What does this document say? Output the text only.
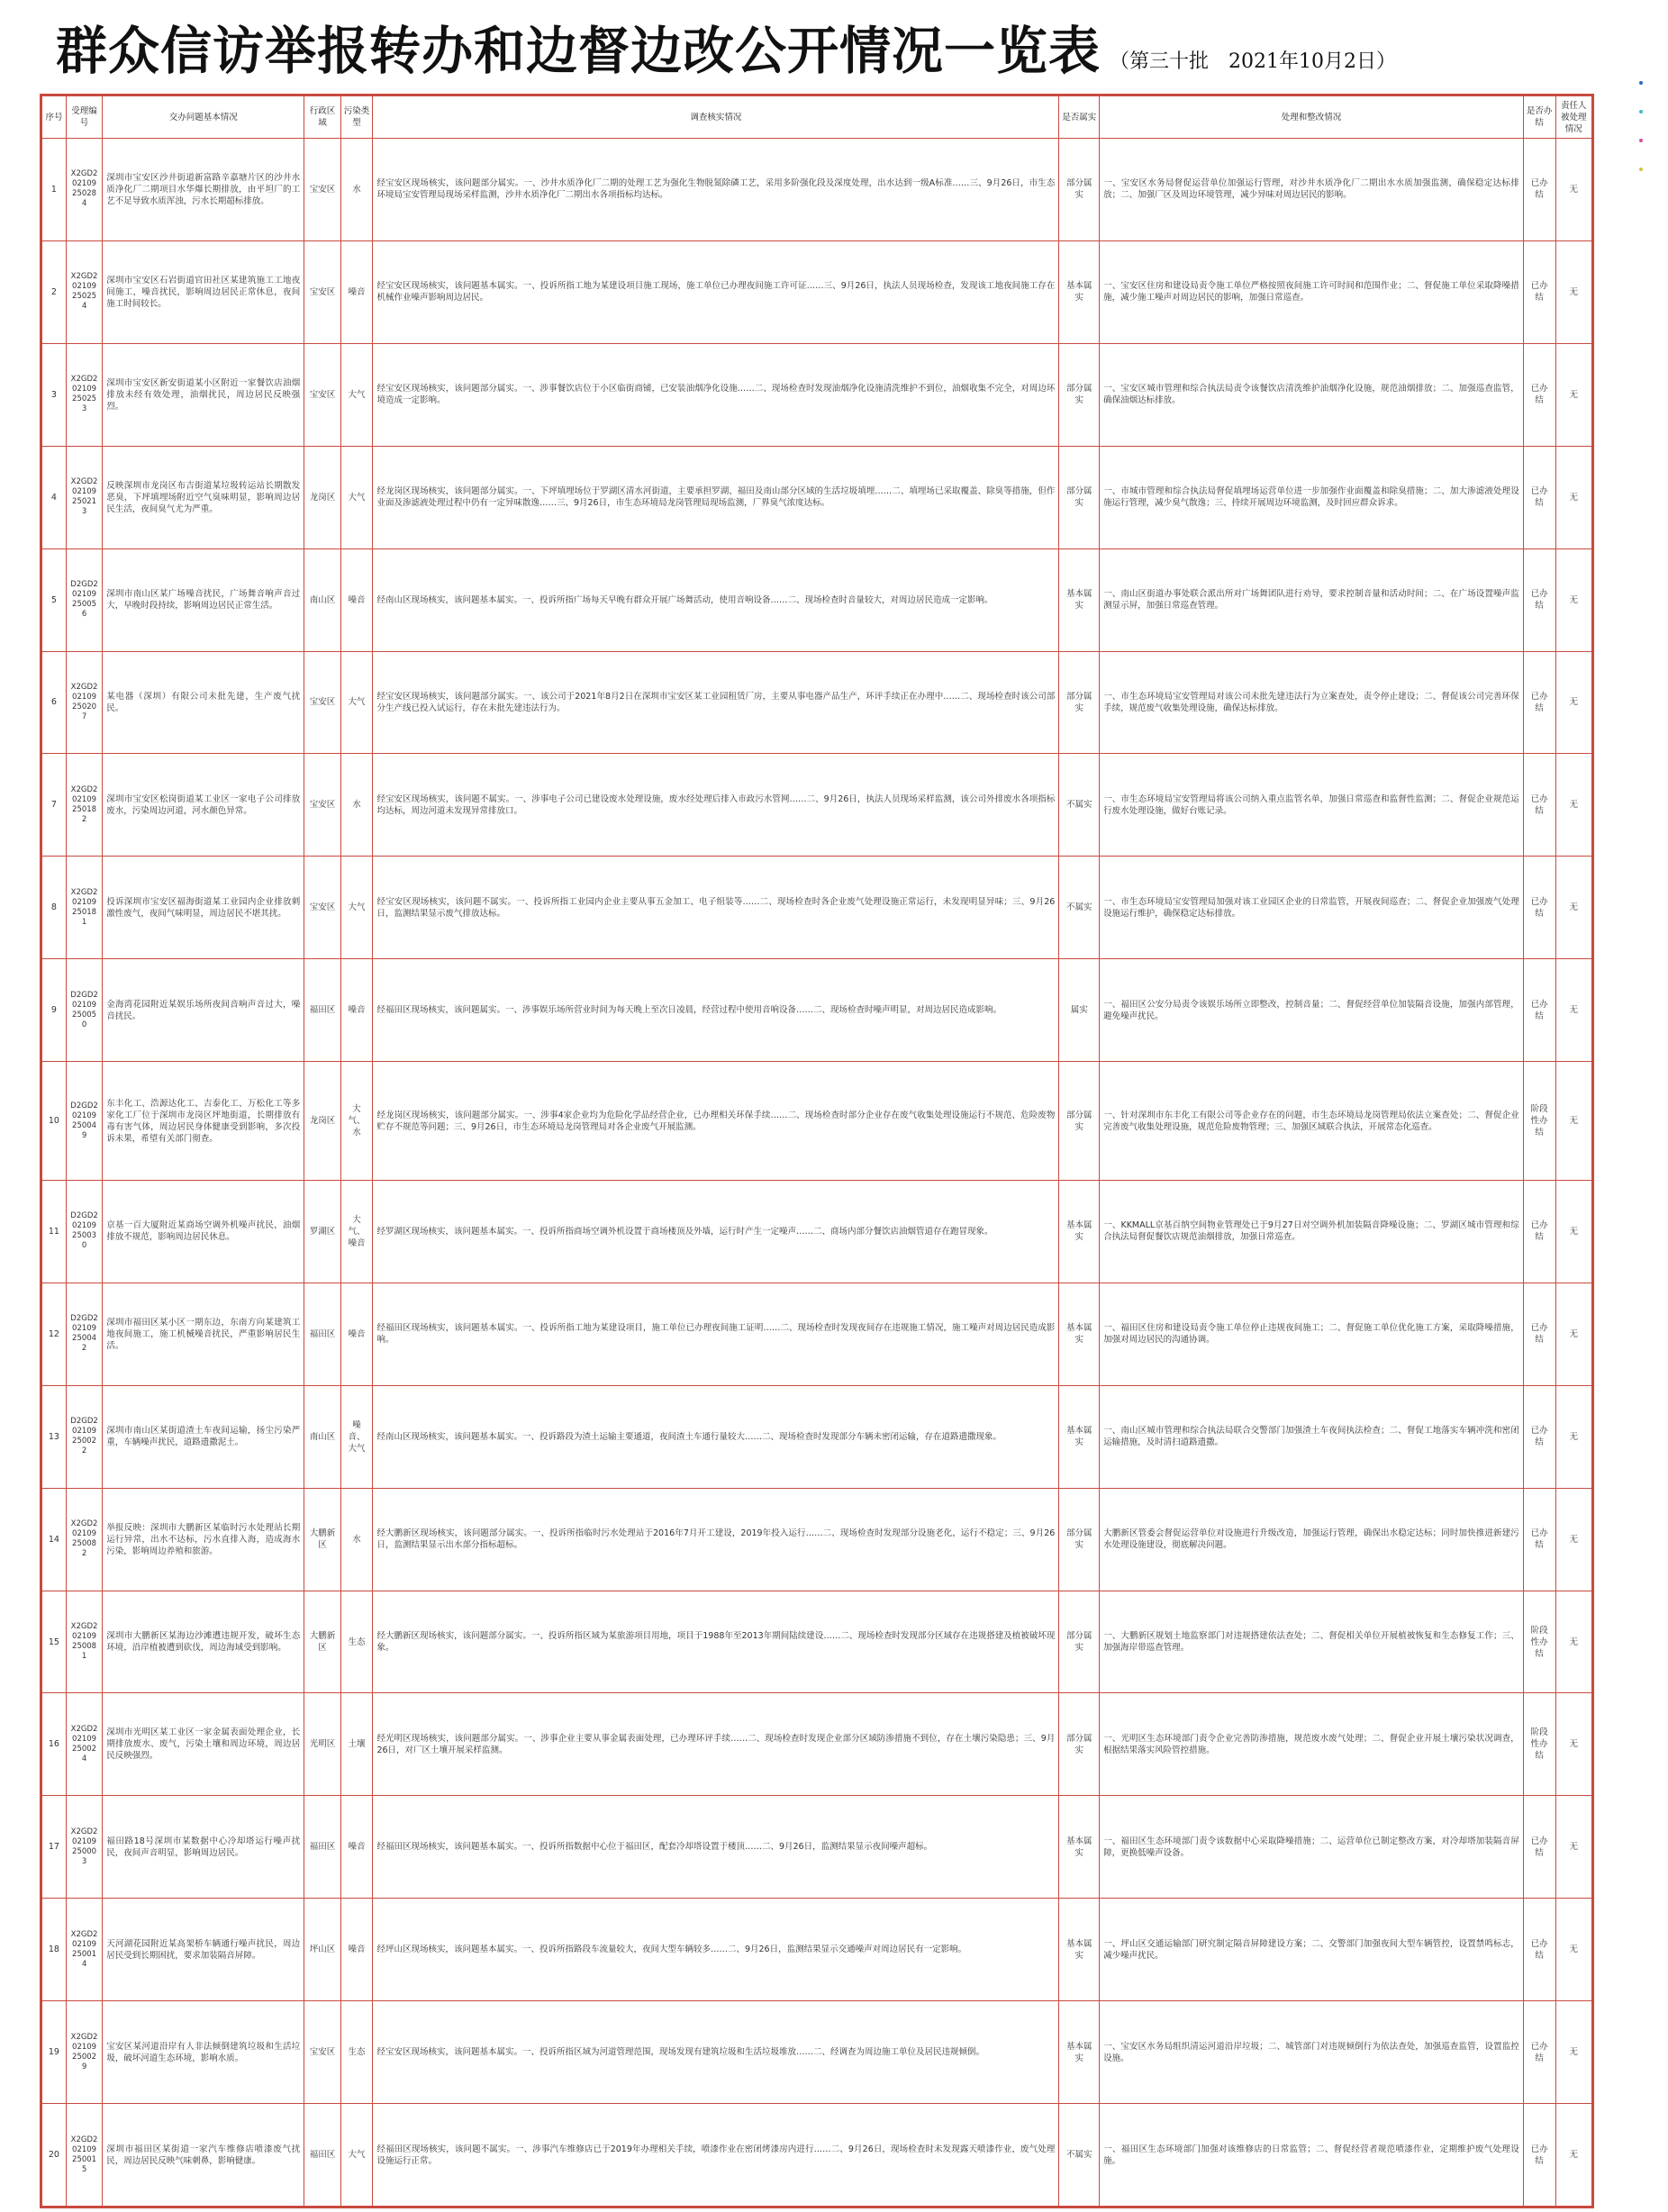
群众信访举报转办和边督边改公开情况一览表 （第三十批　2021年10月2日）
序号	受理编号	交办问题基本情况	行政区域	污染类型	调查核实情况	是否属实	处理和整改情况	是否办结	责任人被处理情况
1	X2GD202109250284	深圳市宝安区沙井街道新富路辛嘉塘片区的沙井水质净化厂二期项目水华爆长期排放，由平坦厂的工艺不足导致水质浑浊，污水长期超标排放。	宝安区	水	经宝安区现场核实，该问题部分属实。一、沙井水质净化厂二期的处理工艺为强化生物脱氮除磷工艺，采用多阶强化段及深度处理，出水达到一级A标准……三、9月26日，市生态环境局宝安管理局现场采样监测，沙井水质净化厂二期出水各项指标均达标。	部分属实	一、宝安区水务局督促运营单位加强运行管理，对沙井水质净化厂二期出水水质加强监测，确保稳定达标排放；二、加强厂区及周边环境管理，减少异味对周边居民的影响。	已办结	无
2	X2GD202109250254	深圳市宝安区石岩街道官田社区某建筑施工工地夜间施工，噪音扰民，影响周边居民正常休息，夜间施工时间较长。	宝安区	噪音	经宝安区现场核实，该问题基本属实。一、投诉所指工地为某建设项目施工现场，施工单位已办理夜间施工许可证……三、9月26日，执法人员现场检查，发现该工地夜间施工存在机械作业噪声影响周边居民。	基本属实	一、宝安区住房和建设局责令施工单位严格按照夜间施工许可时间和范围作业；二、督促施工单位采取降噪措施，减少施工噪声对周边居民的影响，加强日常巡查。	已办结	无
3	X2GD202109250253	深圳市宝安区新安街道某小区附近一家餐饮店油烟排放未经有效处理，油烟扰民，周边居民反映强烈。	宝安区	大气	经宝安区现场核实，该问题部分属实。一、涉事餐饮店位于小区临街商铺，已安装油烟净化设施……二、现场检查时发现油烟净化设施清洗维护不到位，油烟收集不完全，对周边环境造成一定影响。	部分属实	一、宝安区城市管理和综合执法局责令该餐饮店清洗维护油烟净化设施，规范油烟排放；二、加强巡查监管，确保油烟达标排放。	已办结	无
4	X2GD202109250213	反映深圳市龙岗区布吉街道某垃圾转运站长期散发恶臭，下坪填埋场附近空气臭味明显，影响周边居民生活，夜间臭气尤为严重。	龙岗区	大气	经龙岗区现场核实，该问题部分属实。一、下坪填埋场位于罗湖区清水河街道，主要承担罗湖、福田及南山部分区域的生活垃圾填埋……二、填埋场已采取覆盖、除臭等措施，但作业面及渗滤液处理过程中仍有一定异味散逸……三、9月26日，市生态环境局龙岗管理局现场监测，厂界臭气浓度达标。	部分属实	一、市城市管理和综合执法局督促填埋场运营单位进一步加强作业面覆盖和除臭措施；二、加大渗滤液处理设施运行管理，减少臭气散逸；三、持续开展周边环境监测，及时回应群众诉求。	已办结	无
5	D2GD202109250056	深圳市南山区某广场噪音扰民，广场舞音响声音过大，早晚时段持续，影响周边居民正常生活。	南山区	噪音	经南山区现场核实，该问题基本属实。一、投诉所指广场每天早晚有群众开展广场舞活动，使用音响设备……二、现场检查时音量较大，对周边居民造成一定影响。	基本属实	一、南山区街道办事处联合派出所对广场舞团队进行劝导，要求控制音量和活动时间；二、在广场设置噪声监测显示屏，加强日常巡查管理。	已办结	无
6	X2GD202109250207	某电器（深圳）有限公司未批先建，生产废气扰民。	宝安区	大气	经宝安区现场核实，该问题部分属实。一、该公司于2021年8月2日在深圳市宝安区某工业园租赁厂房，主要从事电器产品生产，环评手续正在办理中……二、现场检查时该公司部分生产线已投入试运行，存在未批先建违法行为。	部分属实	一、市生态环境局宝安管理局对该公司未批先建违法行为立案查处，责令停止建设；二、督促该公司完善环保手续，规范废气收集处理设施，确保达标排放。	已办结	无
7	X2GD202109250182	深圳市宝安区松岗街道某工业区一家电子公司排放废水，污染周边河道，河水颜色异常。	宝安区	水	经宝安区现场核实，该问题不属实。一、涉事电子公司已建设废水处理设施，废水经处理后排入市政污水管网……二、9月26日，执法人员现场采样监测，该公司外排废水各项指标均达标，周边河道未发现异常排放口。	不属实	一、市生态环境局宝安管理局将该公司纳入重点监管名单，加强日常巡查和监督性监测；二、督促企业规范运行废水处理设施，做好台账记录。	已办结	无
8	X2GD202109250181	投诉深圳市宝安区福海街道某工业园内企业排放刺激性废气，夜间气味明显，周边居民不堪其扰。	宝安区	大气	经宝安区现场核实，该问题不属实。一、投诉所指工业园内企业主要从事五金加工、电子组装等……二、现场检查时各企业废气处理设施正常运行，未发现明显异味；三、9月26日，监测结果显示废气排放达标。	不属实	一、市生态环境局宝安管理局加强对该工业园区企业的日常监管，开展夜间巡查；二、督促企业加强废气处理设施运行维护，确保稳定达标排放。	已办结	无
9	D2GD202109250050	金海湾花园附近某娱乐场所夜间音响声音过大，噪音扰民。	福田区	噪音	经福田区现场核实，该问题属实。一、涉事娱乐场所营业时间为每天晚上至次日凌晨，经营过程中使用音响设备……二、现场检查时噪声明显，对周边居民造成影响。	属实	一、福田区公安分局责令该娱乐场所立即整改，控制音量；二、督促经营单位加装隔音设施，加强内部管理，避免噪声扰民。	已办结	无
10	D2GD202109250049	东丰化工、浩源达化工、吉泰化工、万松化工等多家化工厂位于深圳市龙岗区坪地街道，长期排放有毒有害气体，周边居民身体健康受到影响，多次投诉未果，希望有关部门彻查。	龙岗区	大气、水	经龙岗区现场核实，该问题部分属实。一、涉事4家企业均为危险化学品经营企业，已办理相关环保手续……二、现场检查时部分企业存在废气收集处理设施运行不规范、危险废物贮存不规范等问题；三、9月26日，市生态环境局龙岗管理局对各企业废气开展监测。	部分属实	一、针对深圳市东丰化工有限公司等企业存在的问题，市生态环境局龙岗管理局依法立案查处；二、督促企业完善废气收集处理设施，规范危险废物管理；三、加强区域联合执法，开展常态化巡查。	阶段性办结	无
11	D2GD202109250030	京基一百大厦附近某商场空调外机噪声扰民，油烟排放不规范，影响周边居民休息。	罗湖区	大气、噪音	经罗湖区现场核实，该问题基本属实。一、投诉所指商场空调外机设置于商场楼顶及外墙，运行时产生一定噪声……二、商场内部分餐饮店油烟管道存在跑冒现象。	基本属实	一、KKMALL京基百纳空间物业管理处已于9月27日对空调外机加装隔音降噪设施；二、罗湖区城市管理和综合执法局督促餐饮店规范油烟排放，加强日常巡查。	已办结	无
12	D2GD202109250042	深圳市福田区某小区一期东边，东南方向某建筑工地夜间施工，施工机械噪音扰民，严重影响居民生活。	福田区	噪音	经福田区现场核实，该问题基本属实。一、投诉所指工地为某建设项目，施工单位已办理夜间施工证明……二、现场检查时发现夜间存在违规施工情况，施工噪声对周边居民造成影响。	基本属实	一、福田区住房和建设局责令施工单位停止违规夜间施工；二、督促施工单位优化施工方案，采取降噪措施，加强对周边居民的沟通协调。	已办结	无
13	D2GD202109250022	深圳市南山区某街道渣土车夜间运输，扬尘污染严重，车辆噪声扰民，道路遗撒泥土。	南山区	噪音、大气	经南山区现场核实，该问题基本属实。一、投诉路段为渣土运输主要通道，夜间渣土车通行量较大……二、现场检查时发现部分车辆未密闭运输，存在道路遗撒现象。	基本属实	一、南山区城市管理和综合执法局联合交警部门加强渣土车夜间执法检查；二、督促工地落实车辆冲洗和密闭运输措施，及时清扫道路遗撒。	已办结	无
14	X2GD202109250082	举报反映：深圳市大鹏新区某临时污水处理站长期运行异常，出水不达标，污水直排入海，造成海水污染，影响周边养殖和旅游。	大鹏新区	水	经大鹏新区现场核实，该问题部分属实。一、投诉所指临时污水处理站于2016年7月开工建设，2019年投入运行……二、现场检查时发现部分设施老化，运行不稳定；三、9月26日，监测结果显示出水部分指标超标。	部分属实	大鹏新区管委会督促运营单位对设施进行升级改造，加强运行管理，确保出水稳定达标；同时加快推进新建污水处理设施建设，彻底解决问题。	已办结	无
15	X2GD202109250081	深圳市大鹏新区某海边沙滩遭违规开发，破坏生态环境，沿岸植被遭到砍伐，周边海域受到影响。	大鹏新区	生态	经大鹏新区现场核实，该问题部分属实。一、投诉所指区域为某旅游项目用地，项目于1988年至2013年期间陆续建设……二、现场检查时发现部分区域存在违规搭建及植被破坏现象。	部分属实	一、大鹏新区规划土地监察部门对违规搭建依法查处；二、督促相关单位开展植被恢复和生态修复工作；三、加强海岸带巡查管理。	阶段性办结	无
16	X2GD202109250024	深圳市光明区某工业区一家金属表面处理企业，长期排放废水、废气，污染土壤和周边环境，周边居民反映强烈。	光明区	土壤	经光明区现场核实，该问题部分属实。一、涉事企业主要从事金属表面处理，已办理环评手续……二、现场检查时发现企业部分区域防渗措施不到位，存在土壤污染隐患；三、9月26日，对厂区土壤开展采样监测。	部分属实	一、光明区生态环境部门责令企业完善防渗措施，规范废水废气处理；二、督促企业开展土壤污染状况调查，根据结果落实风险管控措施。	阶段性办结	无
17	X2GD202109250003	福田路18号深圳市某数据中心冷却塔运行噪声扰民，夜间声音明显，影响周边居民。	福田区	噪音	经福田区现场核实，该问题基本属实。一、投诉所指数据中心位于福田区，配套冷却塔设置于楼顶……二、9月26日，监测结果显示夜间噪声超标。	基本属实	一、福田区生态环境部门责令该数据中心采取降噪措施；二、运营单位已制定整改方案，对冷却塔加装隔音屏障，更换低噪声设备。	已办结	无
18	X2GD202109250014	天河湖花园附近某高架桥车辆通行噪声扰民，周边居民受到长期困扰，要求加装隔音屏障。	坪山区	噪音	经坪山区现场核实，该问题基本属实。一、投诉所指路段车流量较大，夜间大型车辆较多……二、9月26日，监测结果显示交通噪声对周边居民有一定影响。	基本属实	一、坪山区交通运输部门研究制定隔音屏障建设方案；二、交警部门加强夜间大型车辆管控，设置禁鸣标志，减少噪声扰民。	已办结	无
19	X2GD202109250029	宝安区某河道沿岸有人非法倾倒建筑垃圾和生活垃圾，破坏河道生态环境，影响水质。	宝安区	生态	经宝安区现场核实，该问题基本属实。一、投诉所指区域为河道管理范围，现场发现有建筑垃圾和生活垃圾堆放……二、经调查为周边施工单位及居民违规倾倒。	基本属实	一、宝安区水务局组织清运河道沿岸垃圾；二、城管部门对违规倾倒行为依法查处，加强巡查监管，设置监控设施。	已办结	无
20	X2GD202109250015	深圳市福田区某街道一家汽车维修店喷漆废气扰民，周边居民反映气味刺鼻，影响健康。	福田区	大气	经福田区现场核实，该问题不属实。一、涉事汽车维修店已于2019年办理相关手续，喷漆作业在密闭烤漆房内进行……二、9月26日，现场检查时未发现露天喷漆作业，废气处理设施运行正常。	不属实	一、福田区生态环境部门加强对该维修店的日常监管；二、督促经营者规范喷漆作业，定期维护废气处理设施。	已办结	无
